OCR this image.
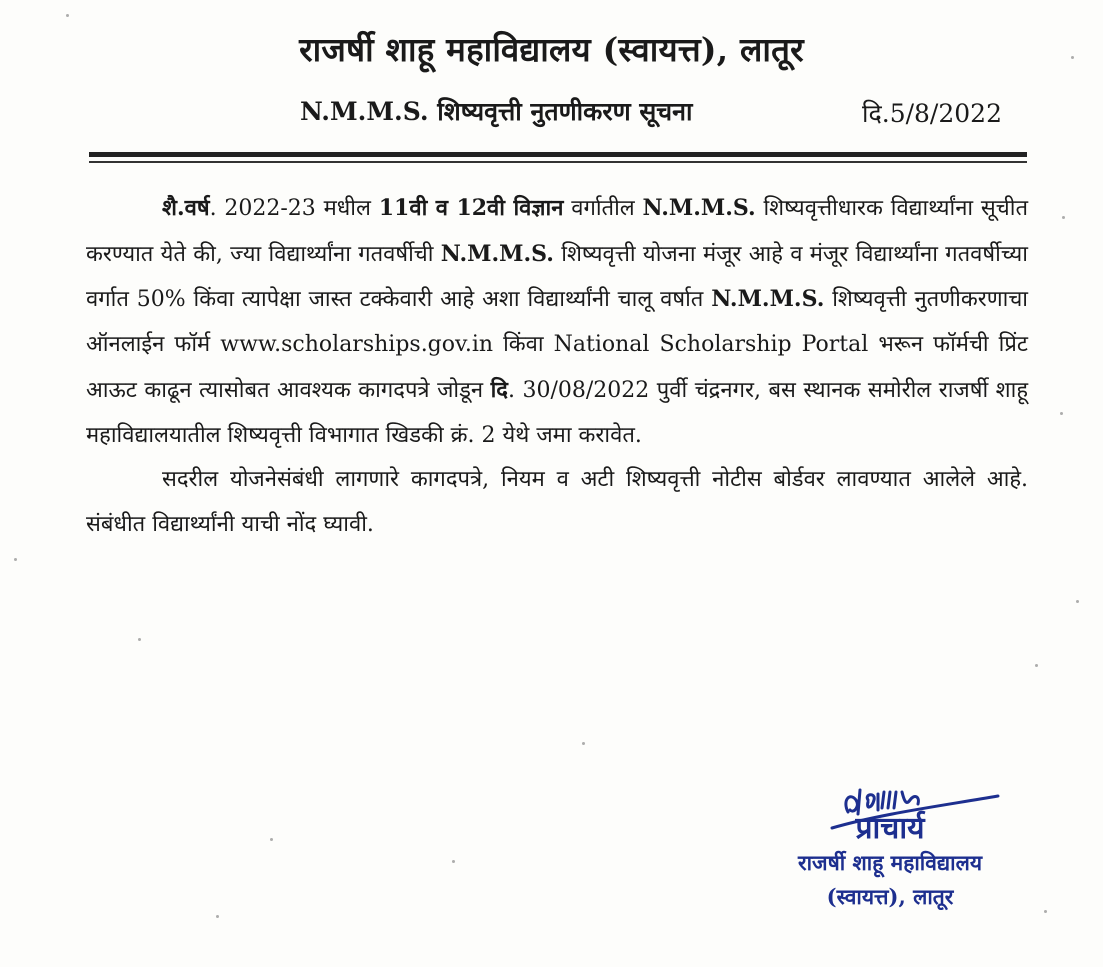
राजर्षी शाहू महाविद्यालय (स्वायत्त), लातूर
N.M.M.S. शिष्यवृत्ती नुतणीकरण सूचना	दि.5/8/2022

शै.वर्ष. 2022-23 मधील 11वी व 12वी विज्ञान वर्गातील N.M.M.S. शिष्यवृत्तीधारक विद्यार्थ्यांना सूचीत करण्यात येते की, ज्या विद्यार्थ्यांना गतवर्षीची N.M.M.S. शिष्यवृत्ती योजना मंजूर आहे व मंजूर विद्यार्थ्यांना गतवर्षीच्या वर्गात 50% किंवा त्यापेक्षा जास्त टक्केवारी आहे अशा विद्यार्थ्यांनी चालू वर्षात N.M.M.S. शिष्यवृत्ती नुतणीकरणाचा ऑनलाईन फॉर्म www.scholarships.gov.in किंवा National Scholarship Portal भरून फॉर्मची प्रिंट आऊट काढून त्यासोबत आवश्यक कागदपत्रे जोडून दि. 30/08/2022 पुर्वी चंद्रनगर, बस स्थानक समोरील राजर्षी शाहू महाविद्यालयातील शिष्यवृत्ती विभागात खिडकी क्रं. 2 येथे जमा करावेत.

सदरील योजनेसंबंधी लागणारे कागदपत्रे, नियम व अटी शिष्यवृत्ती नोटीस बोर्डवर लावण्यात आलेले आहे. संबंधीत विद्यार्थ्यांनी याची नोंद घ्यावी.

प्राचार्य
राजर्षी शाहू महाविद्यालय
(स्वायत्त), लातूर
